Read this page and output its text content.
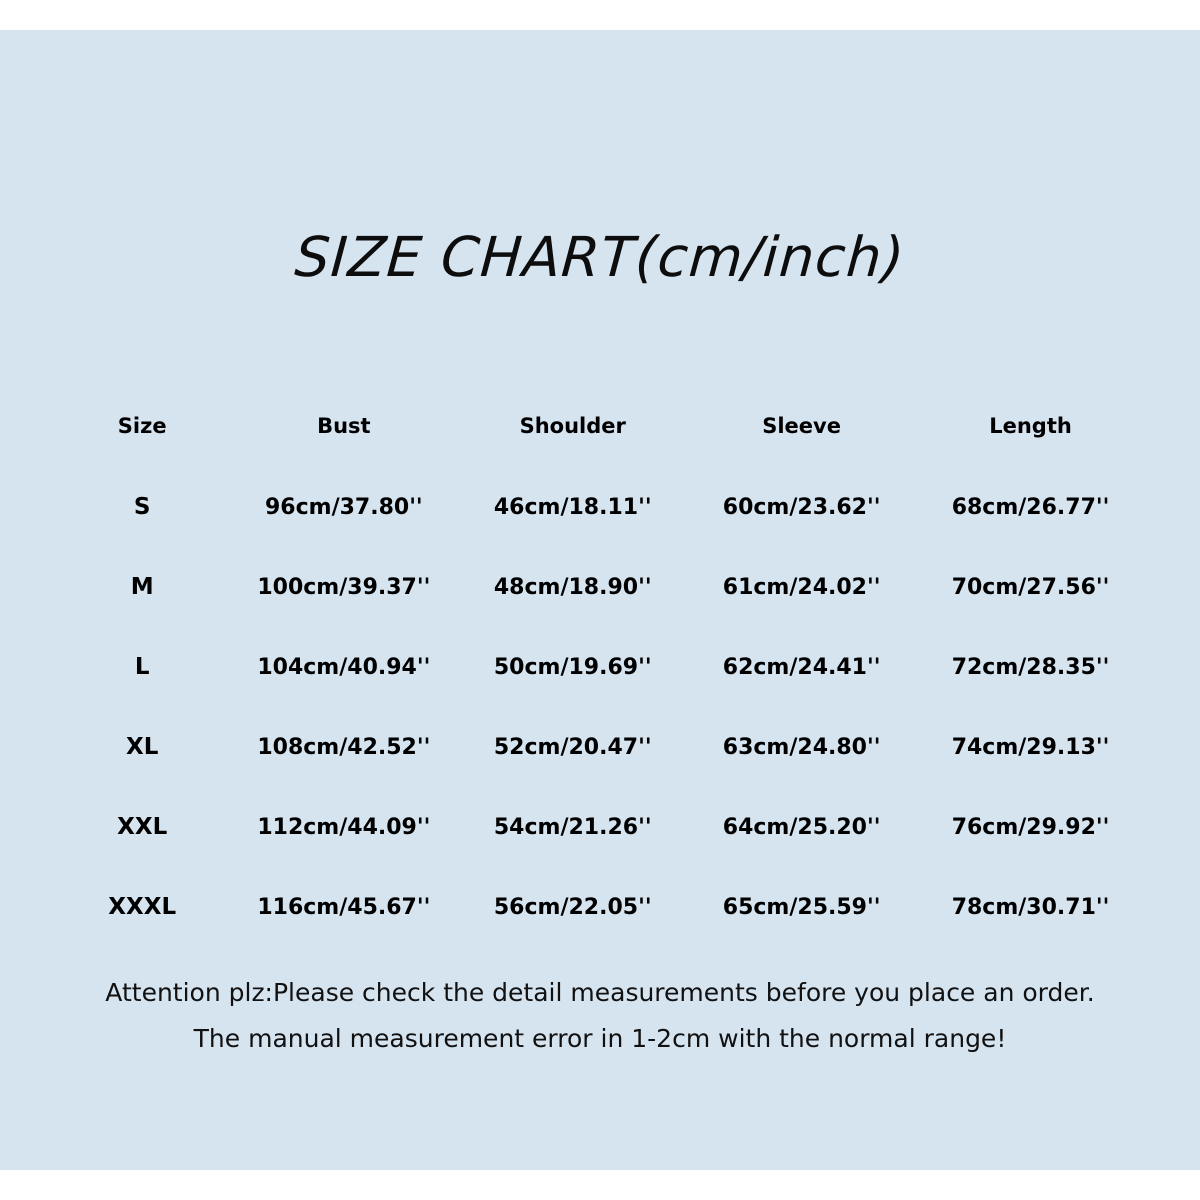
SIZE CHART(cm/inch)
Size	Bust	Shoulder	Sleeve	Length
S	96cm/37.80''	46cm/18.11''	60cm/23.62''	68cm/26.77''
M	100cm/39.37''	48cm/18.90''	61cm/24.02''	70cm/27.56''
L	104cm/40.94''	50cm/19.69''	62cm/24.41''	72cm/28.35''
XL	108cm/42.52''	52cm/20.47''	63cm/24.80''	74cm/29.13''
XXL	112cm/44.09''	54cm/21.26''	64cm/25.20''	76cm/29.92''
XXXL	116cm/45.67''	56cm/22.05''	65cm/25.59''	78cm/30.71''
Attention plz:Please check the detail measurements before you place an order.
The manual measurement error in 1-2cm with the normal range!
